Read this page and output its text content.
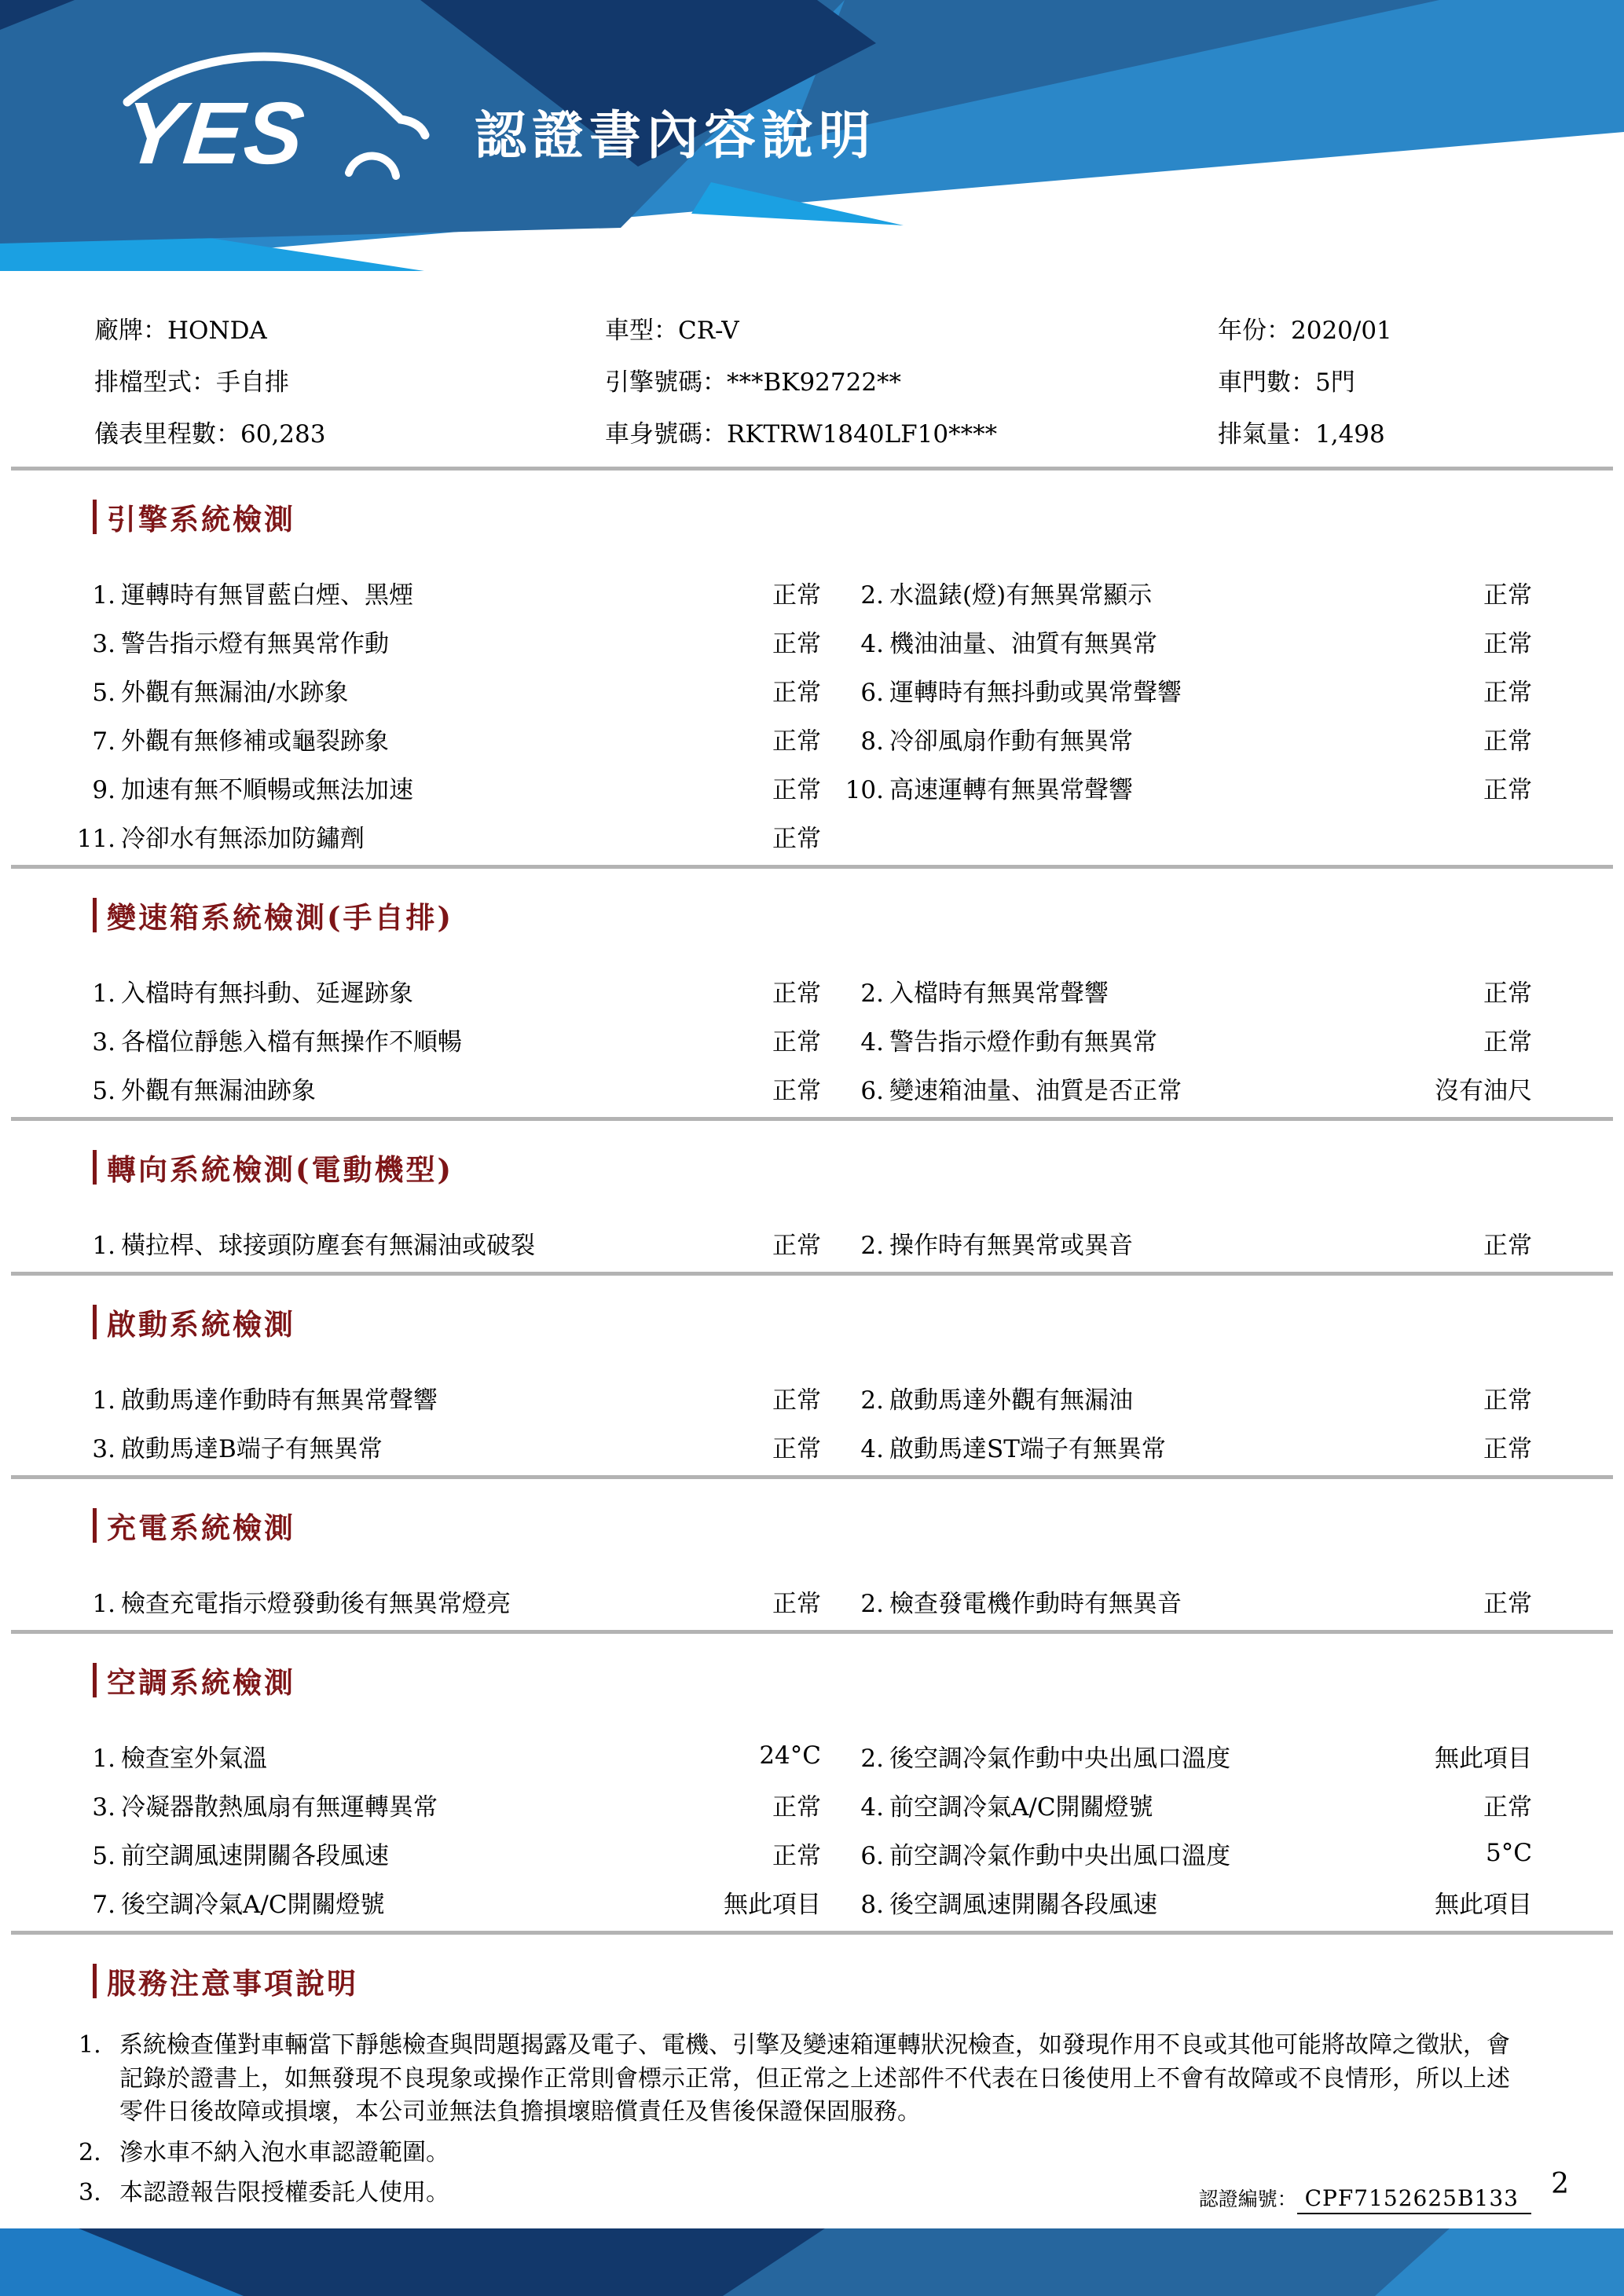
YES	認證書內容說明
廠牌：HONDA	車型：CR-V	年份：2020/01
排檔型式：手自排	引擎號碼：***BK92722**	車門數：5門
儀表里程數：60,283	車身號碼：RKTRW1840LF10****	排氣量：1,498
引擎系統檢測
1. 運轉時有無冒藍白煙、黑煙	正常	2. 水溫錶(燈)有無異常顯示	正常
3. 警告指示燈有無異常作動	正常	4. 機油油量、油質有無異常	正常
5. 外觀有無漏油/水跡象	正常	6. 運轉時有無抖動或異常聲響	正常
7. 外觀有無修補或龜裂跡象	正常	8. 冷卻風扇作動有無異常	正常
9. 加速有無不順暢或無法加速	正常 10. 高速運轉有無異常聲響	正常
11. 冷卻水有無添加防鏽劑	正常
變速箱系統檢測(手自排)
1. 入檔時有無抖動、延遲跡象	正常	2. 入檔時有無異常聲響	正常
3. 各檔位靜態入檔有無操作不順暢	正常	4. 警告指示燈作動有無異常	正常
5. 外觀有無漏油跡象	正常	6. 變速箱油量、油質是否正常	沒有油尺
轉向系統檢測(電動機型)
1. 橫拉桿、球接頭防塵套有無漏油或破裂	正常	2. 操作時有無異常或異音	正常
啟動系統檢測
1. 啟動馬達作動時有無異常聲響	正常	2. 啟動馬達外觀有無漏油	正常
3. 啟動馬達B端子有無異常	正常	4. 啟動馬達ST端子有無異常	正常
充電系統檢測
1. 檢查充電指示燈發動後有無異常燈亮	正常	2. 檢查發電機作動時有無異音	正常
空調系統檢測
1. 檢查室外氣溫	24°C	2. 後空調冷氣作動中央出風口溫度	無此項目
3. 冷凝器散熱風扇有無運轉異常	正常	4. 前空調冷氣A/C開關燈號	正常
5. 前空調風速開關各段風速	正常	6. 前空調冷氣作動中央出風口溫度	5°C
7. 後空調冷氣A/C開關燈號	無此項目	8. 後空調風速開關各段風速	無此項目
服務注意事項說明
1. 系統檢查僅對車輛當下靜態檢查與問題揭露及電子、電機、引擎及變速箱運轉狀況檢查，如發現作用不良或其他可能將故障之徵狀，會記錄於證書上，如無發現不良現象或操作正常則會標示正常，但正常之上述部件不代表在日後使用上不會有故障或不良情形，所以上述零件日後故障或損壞，本公司並無法負擔損壞賠償責任及售後保證保固服務。
2. 滲水車不納入泡水車認證範圍。
3. 本認證報告限授權委託人使用。	認證編號： CPF7152625B133	2
